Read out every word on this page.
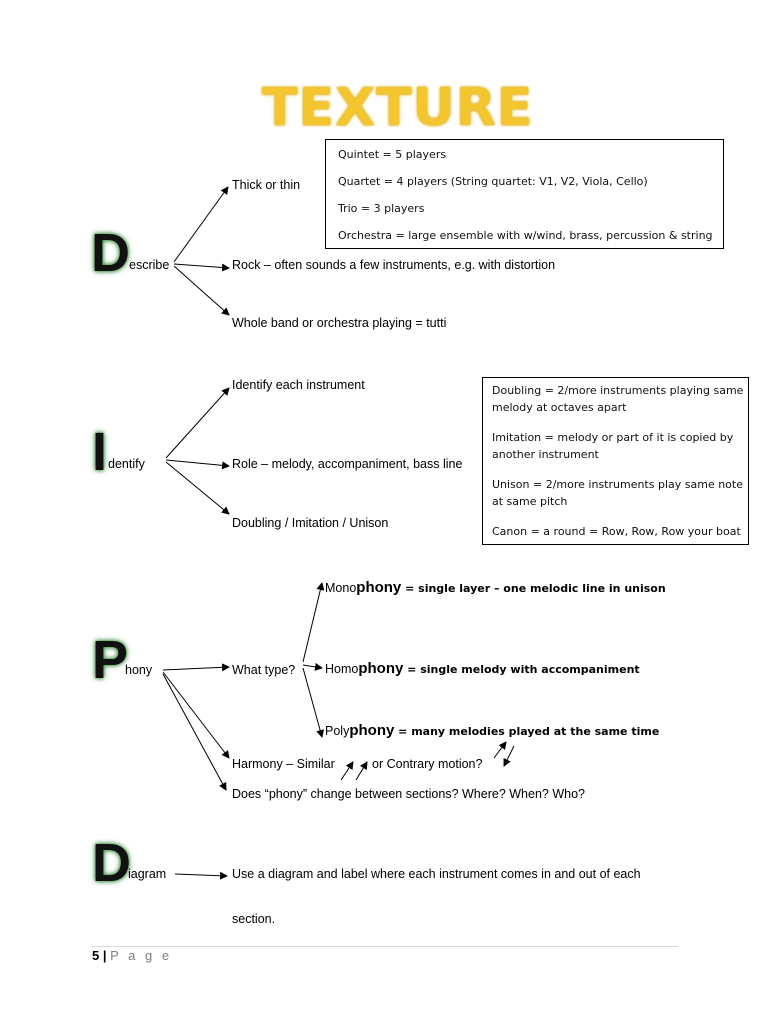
TEXTURE
D escribe
Thick or thin
Rock – often sounds a few instruments, e.g. with distortion
Whole band or orchestra playing = tutti

Quintet = 5 players

Quartet = 4 players (String quartet: V1, V2, Viola, Cello)

Trio = 3 players

Orchestra = large ensemble with w/wind, brass, percussion & string

I dentify
Identify each instrument
Role – melody, accompaniment, bass line
Doubling / Imitation / Unison

Doubling = 2/more instruments playing same melody at octaves apart

Imitation = melody or part of it is copied by another instrument

Unison = 2/more instruments play same note at same pitch

Canon = a round = Row, Row, Row your boat

P
hony	What type?
Monophony = single layer – one melodic line in unison
Homophony = single melody with accompaniment
Polyphony = many melodies played at the same time
Harmony – Similar	or Contrary motion?
Does “phony” change between sections? Where? When? Who?
D
iagram	Use a diagram and label where each instrument comes in and out of each
section.
5 | P a g e
